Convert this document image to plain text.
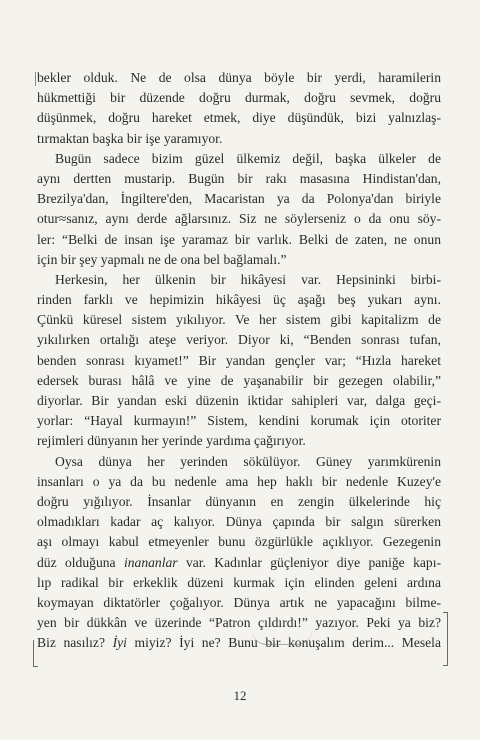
bekler olduk. Ne de olsa dünya böyle bir yerdi, haramilerin
hükmettiği bir düzende doğru durmak, doğru sevmek, doğru
düşünmek, doğru hareket etmek, diye düşündük, bizi yalnızlaş-
tırmaktan başka bir işe yaramıyor.
Bugün sadece bizim güzel ülkemiz değil, başka ülkeler de
aynı dertten mustarip. Bugün bir rakı masasına Hindistan'dan,
Brezilya'dan, İngiltere'den, Macaristan ya da Polonya'dan biriyle
otur≈sanız, aynı derde ağlarsınız. Siz ne söylerseniz o da onu söy-
ler: “Belki de insan işe yaramaz bir varlık. Belki de zaten, ne onun
için bir şey yapmalı ne de ona bel bağlamalı.”
Herkesin, her ülkenin bir hikâyesi var. Hepsininki birbi-
rinden farklı ve hepimizin hikâyesi üç aşağı beş yukarı aynı.
Çünkü küresel sistem yıkılıyor. Ve her sistem gibi kapitalizm de
yıkılırken ortalığı ateşe veriyor. Diyor ki, “Benden sonrası tufan,
benden sonrası kıyamet!” Bir yandan gençler var; “Hızla hareket
edersek burası hâlâ ve yine de yaşanabilir bir gezegen olabilir,”
diyorlar. Bir yandan eski düzenin iktidar sahipleri var, dalga geçi-
yorlar: “Hayal kurmayın!” Sistem, kendini korumak için otoriter
rejimleri dünyanın her yerinde yardıma çağırıyor.
Oysa dünya her yerinden sökülüyor. Güney yarımkürenin
insanları o ya da bu nedenle ama hep haklı bir nedenle Kuzey'e
doğru yığılıyor. İnsanlar dünyanın en zengin ülkelerinde hiç
olmadıkları kadar aç kalıyor. Dünya çapında bir salgın sürerken
aşı olmayı kabul etmeyenler bunu özgürlükle açıklıyor. Gezegenin
düz olduğuna inananlar var. Kadınlar güçleniyor diye paniğe kapı-
lıp radikal bir erkeklik düzeni kurmak için elinden geleni ardına
koymayan diktatörler çoğalıyor. Dünya artık ne yapacağını bilme-
yen bir dükkân ve üzerinde “Patron çıldırdı!” yazıyor. Peki ya biz?
Biz nasılız? İyi miyiz? İyi ne? Bunu bir konuşalım derim... Mesela
12
